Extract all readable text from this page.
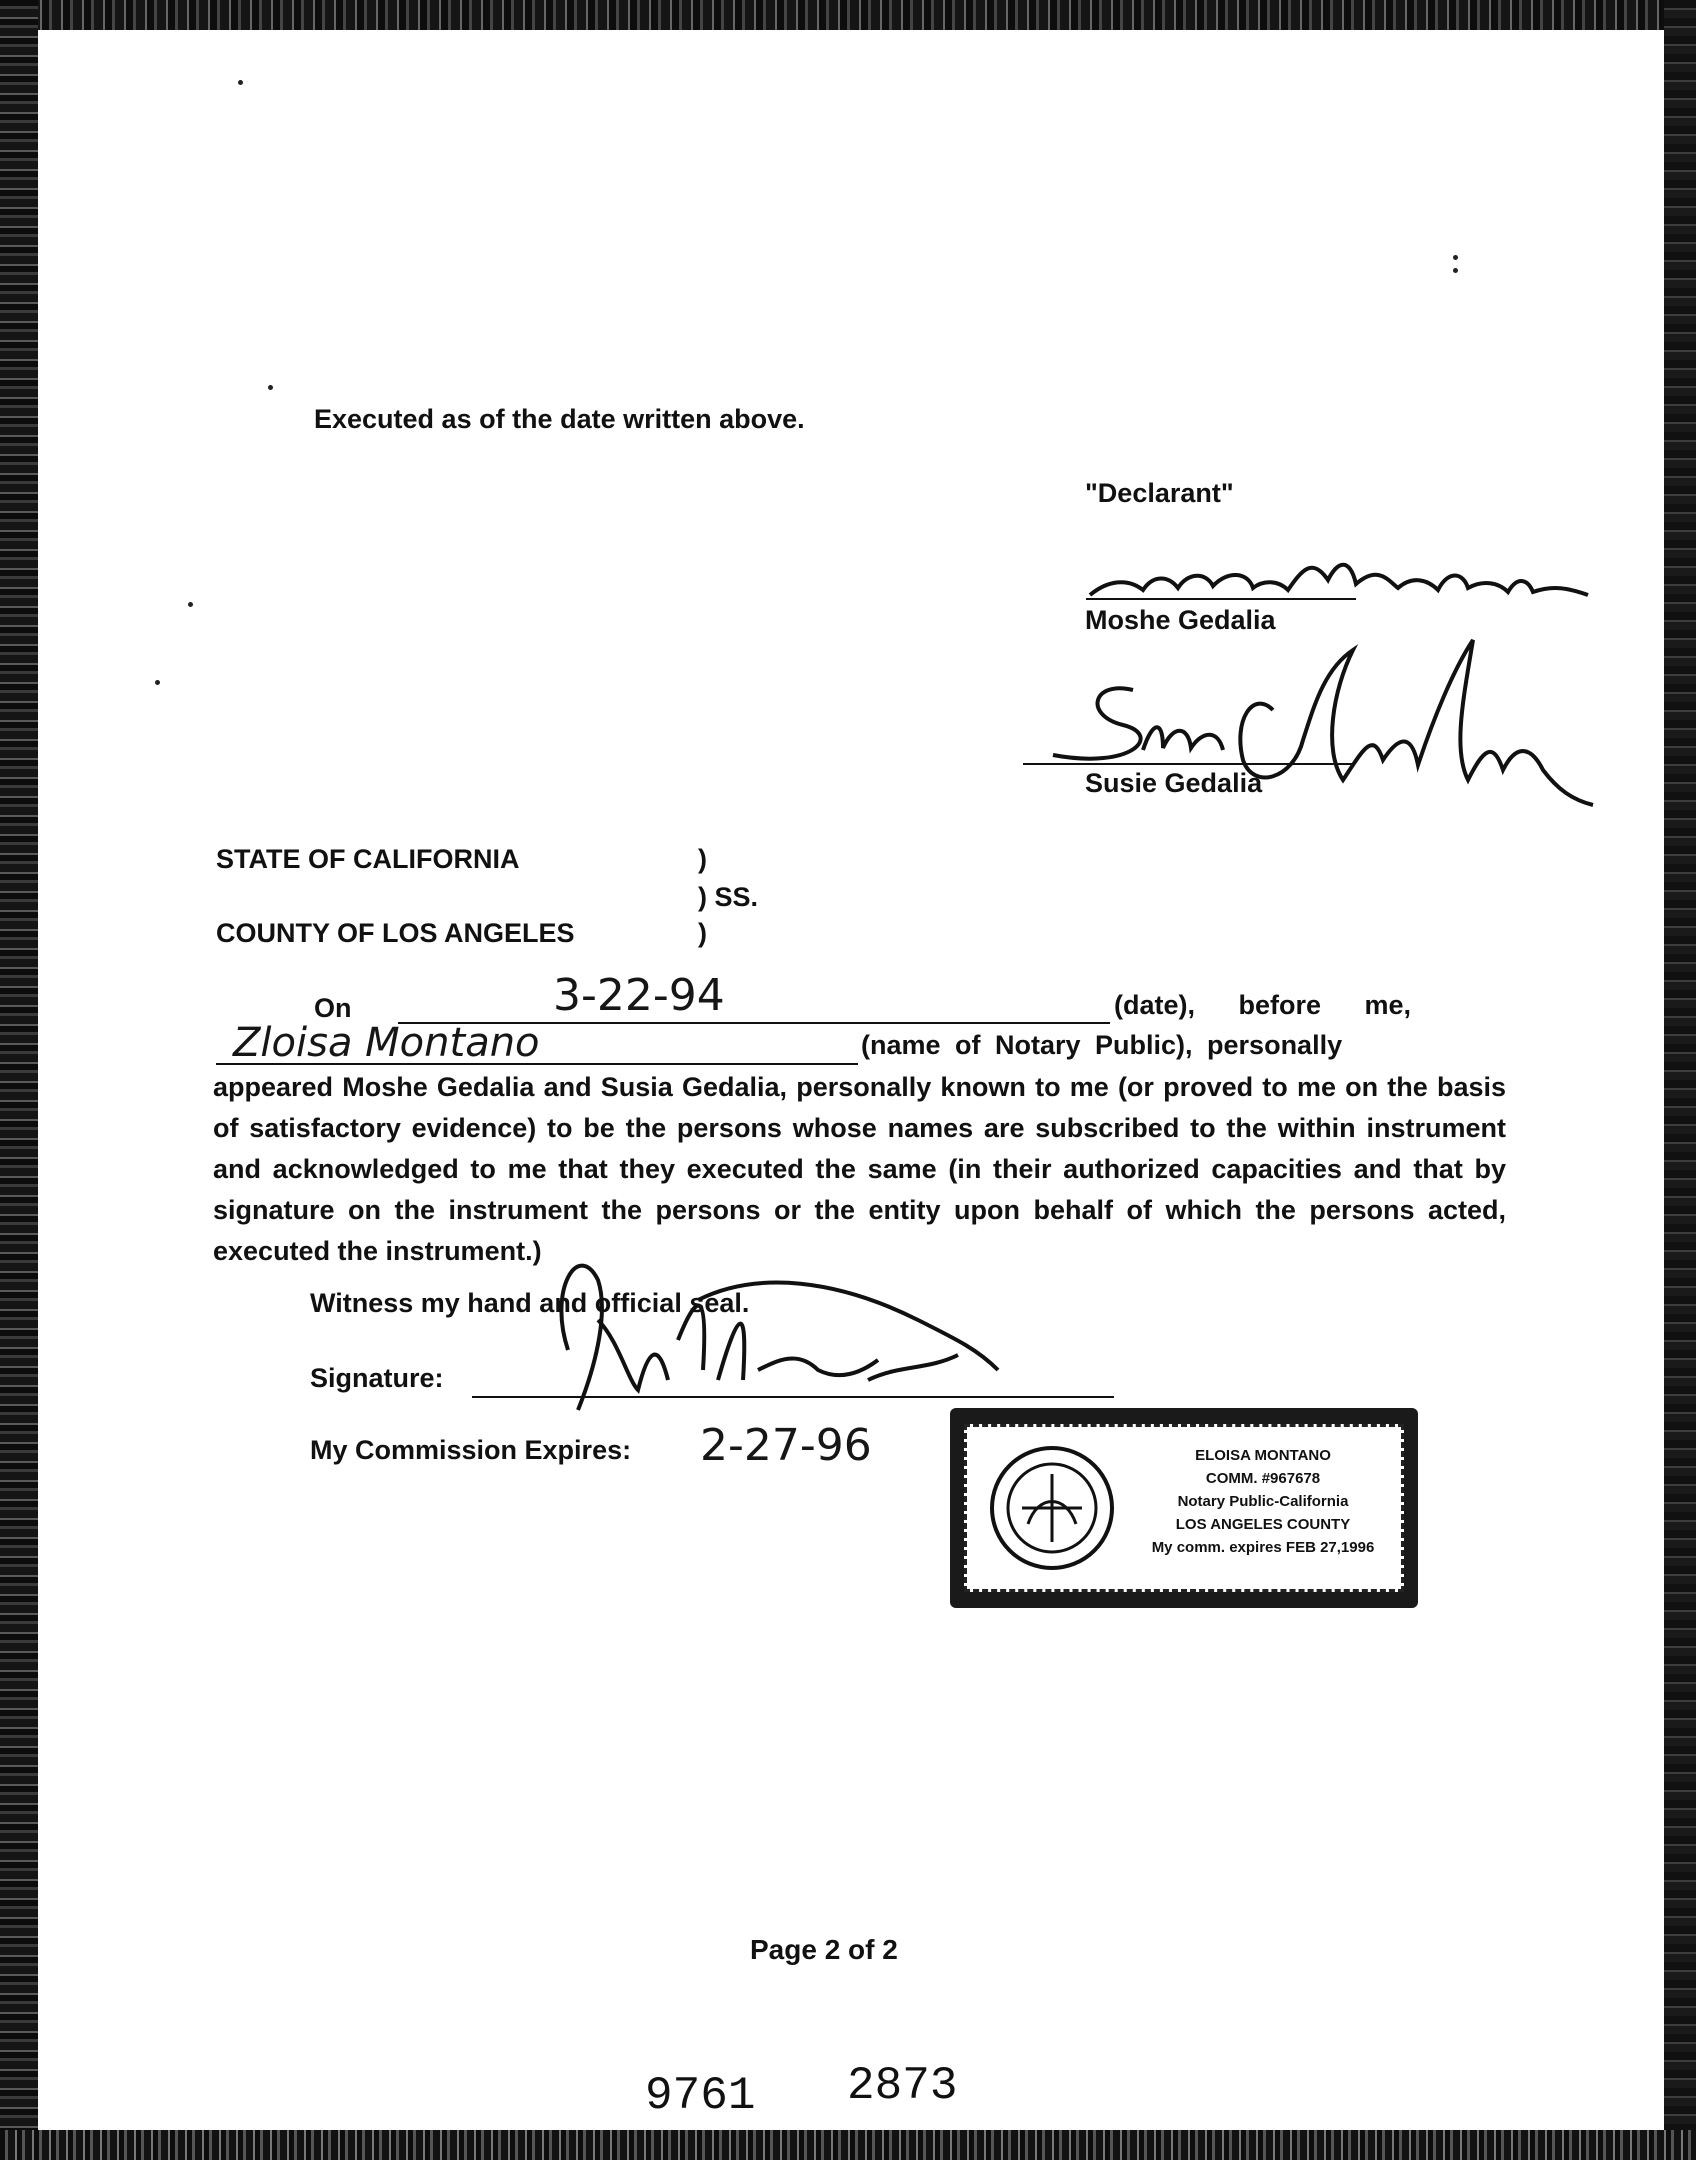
Executed as of the date written above.
"Declarant"
Moshe Gedalia
Susie Gedalia
STATE OF CALIFORNIA	)
) SS.
COUNTY OF LOS ANGELES	)
On	3-22-94	(date), before me,
Zloisa Montano	(name of Notary Public), personally
appeared Moshe Gedalia and Susia Gedalia, personally known to me (or proved to me on the basis of satisfactory evidence) to be the persons whose names are subscribed to the within instrument and acknowledged to me that they executed the same (in their authorized capacities and that by signature on the instrument the persons or the entity upon behalf of which the persons acted, executed the instrument.)
Witness my hand and official seal.
Signature:
My Commission Expires: 2-27-96	ELOISA MONTANO
COMM. #967678
Notary Public-California
LOS ANGELES COUNTY
My comm. expires FEB 27,1996
Page 2 of 2
9761 2873
